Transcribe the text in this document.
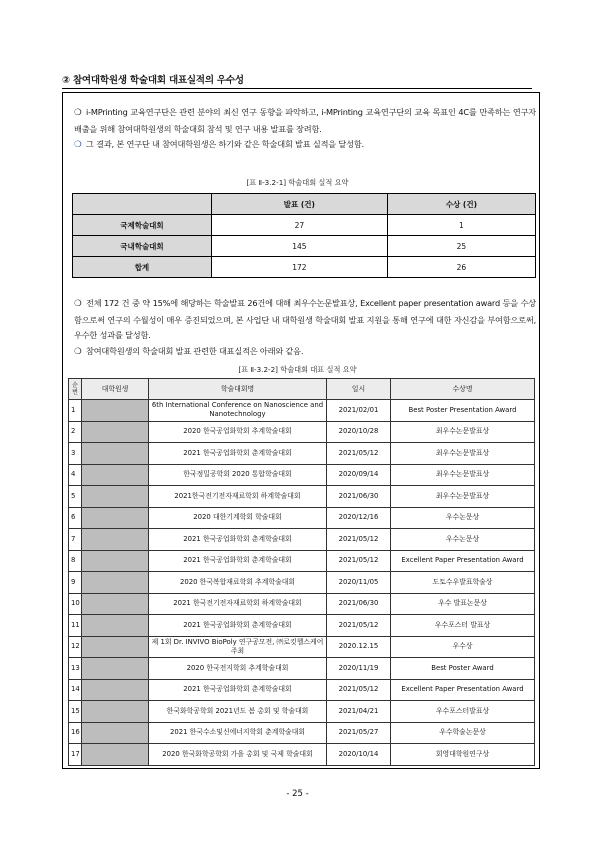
② 참여대학원생 학술대회 대표실적의 우수성
❍ i-MPrinting 교육연구단은 관련 분야의 최신 연구 동향을 파악하고, i-MPrinting 교육연구단의 교육 목표인 4C를 만족하는 연구자 배출을 위해 참여대학원생의 학술대회 참석 및 연구 내용 발표를 장려함.
❍ 그 결과, 본 연구단 내 참여대학원생은 하기와 같은 학술대회 발표 실적을 달성함.
[표 Ⅱ-3.2-1] 학술대회 실적 요약
	발표 (건)	수상 (건)
국제학술대회	27	1
국내학술대회	145	25
합계	172	26
❍ 전체 172 건 중 약 15%에 해당하는 학술발표 26건에 대해 최우수논문발표상, Excellent paper presentation award 등을 수상함으로써 연구의 수월성이 매우 증진되었으며, 본 사업단 내 대학원생 학술대회 발표 지원을 통해 연구에 대한 자신감을 부여함으로써, 우수한 성과를 달성함.
❍ 참여대학원생의 학술대회 발표 관련한 대표실적은 아래와 같음.
[표 Ⅱ-3.2-2] 학술대회 대표 실적 요약
순번	대학원생	학술대회명	일시	수상명
1		6th International Conference on Nanoscience and Nanotechnology	2021/02/01	Best Poster Presentation Award
2		2020 한국공업화학회 추계학술대회	2020/10/28	최우수논문발표상
3		2021 한국공업화학회 춘계학술대회	2021/05/12	최우수논문발표상
4		한국정밀공학회 2020 통합학술대회	2020/09/14	최우수논문발표상
5		2021한국전기전자재료학회 하계학술대회	2021/06/30	최우수논문발표상
6		2020 대한기계학회 학술대회	2020/12/16	우수논문상
7		2021 한국공업화학회 춘계학술대회	2021/05/12	우수논문상
8		2021 한국공업화학회 춘계학술대회	2021/05/12	Excellent Paper Presentation Award
9		2020 한국복합재료학회 추계학술대회	2020/11/05	도토수우발표학술상
10		2021 한국전기전자재료학회 하계학술대회	2021/06/30	우수 발표논문상
11		2021 한국공업화학회 춘계학술대회	2021/05/12	우수포스터 발표상
12		제 1회 Dr. INVIVO BioPoly 연구공모전, ㈜로킷헬스케어 주최	2020.12.15	우수상
13		2020 한국전지학회 추계학술대회	2020/11/19	Best Poster Award
14		2021 한국공업화학회 춘계학술대회	2021/05/12	Excellent Paper Presentation Award
15		한국화학공학회 2021년도 봄 총회 및 학술대회	2021/04/21	우수포스터발표상
16		2021 한국수소및신에너지학회 춘계학술대회	2021/05/27	우수학술논문상
17		2020 한국화학공학회 가을 총회 및 국제 학술대회	2020/10/14	회영대학원연구상
- 25 -
